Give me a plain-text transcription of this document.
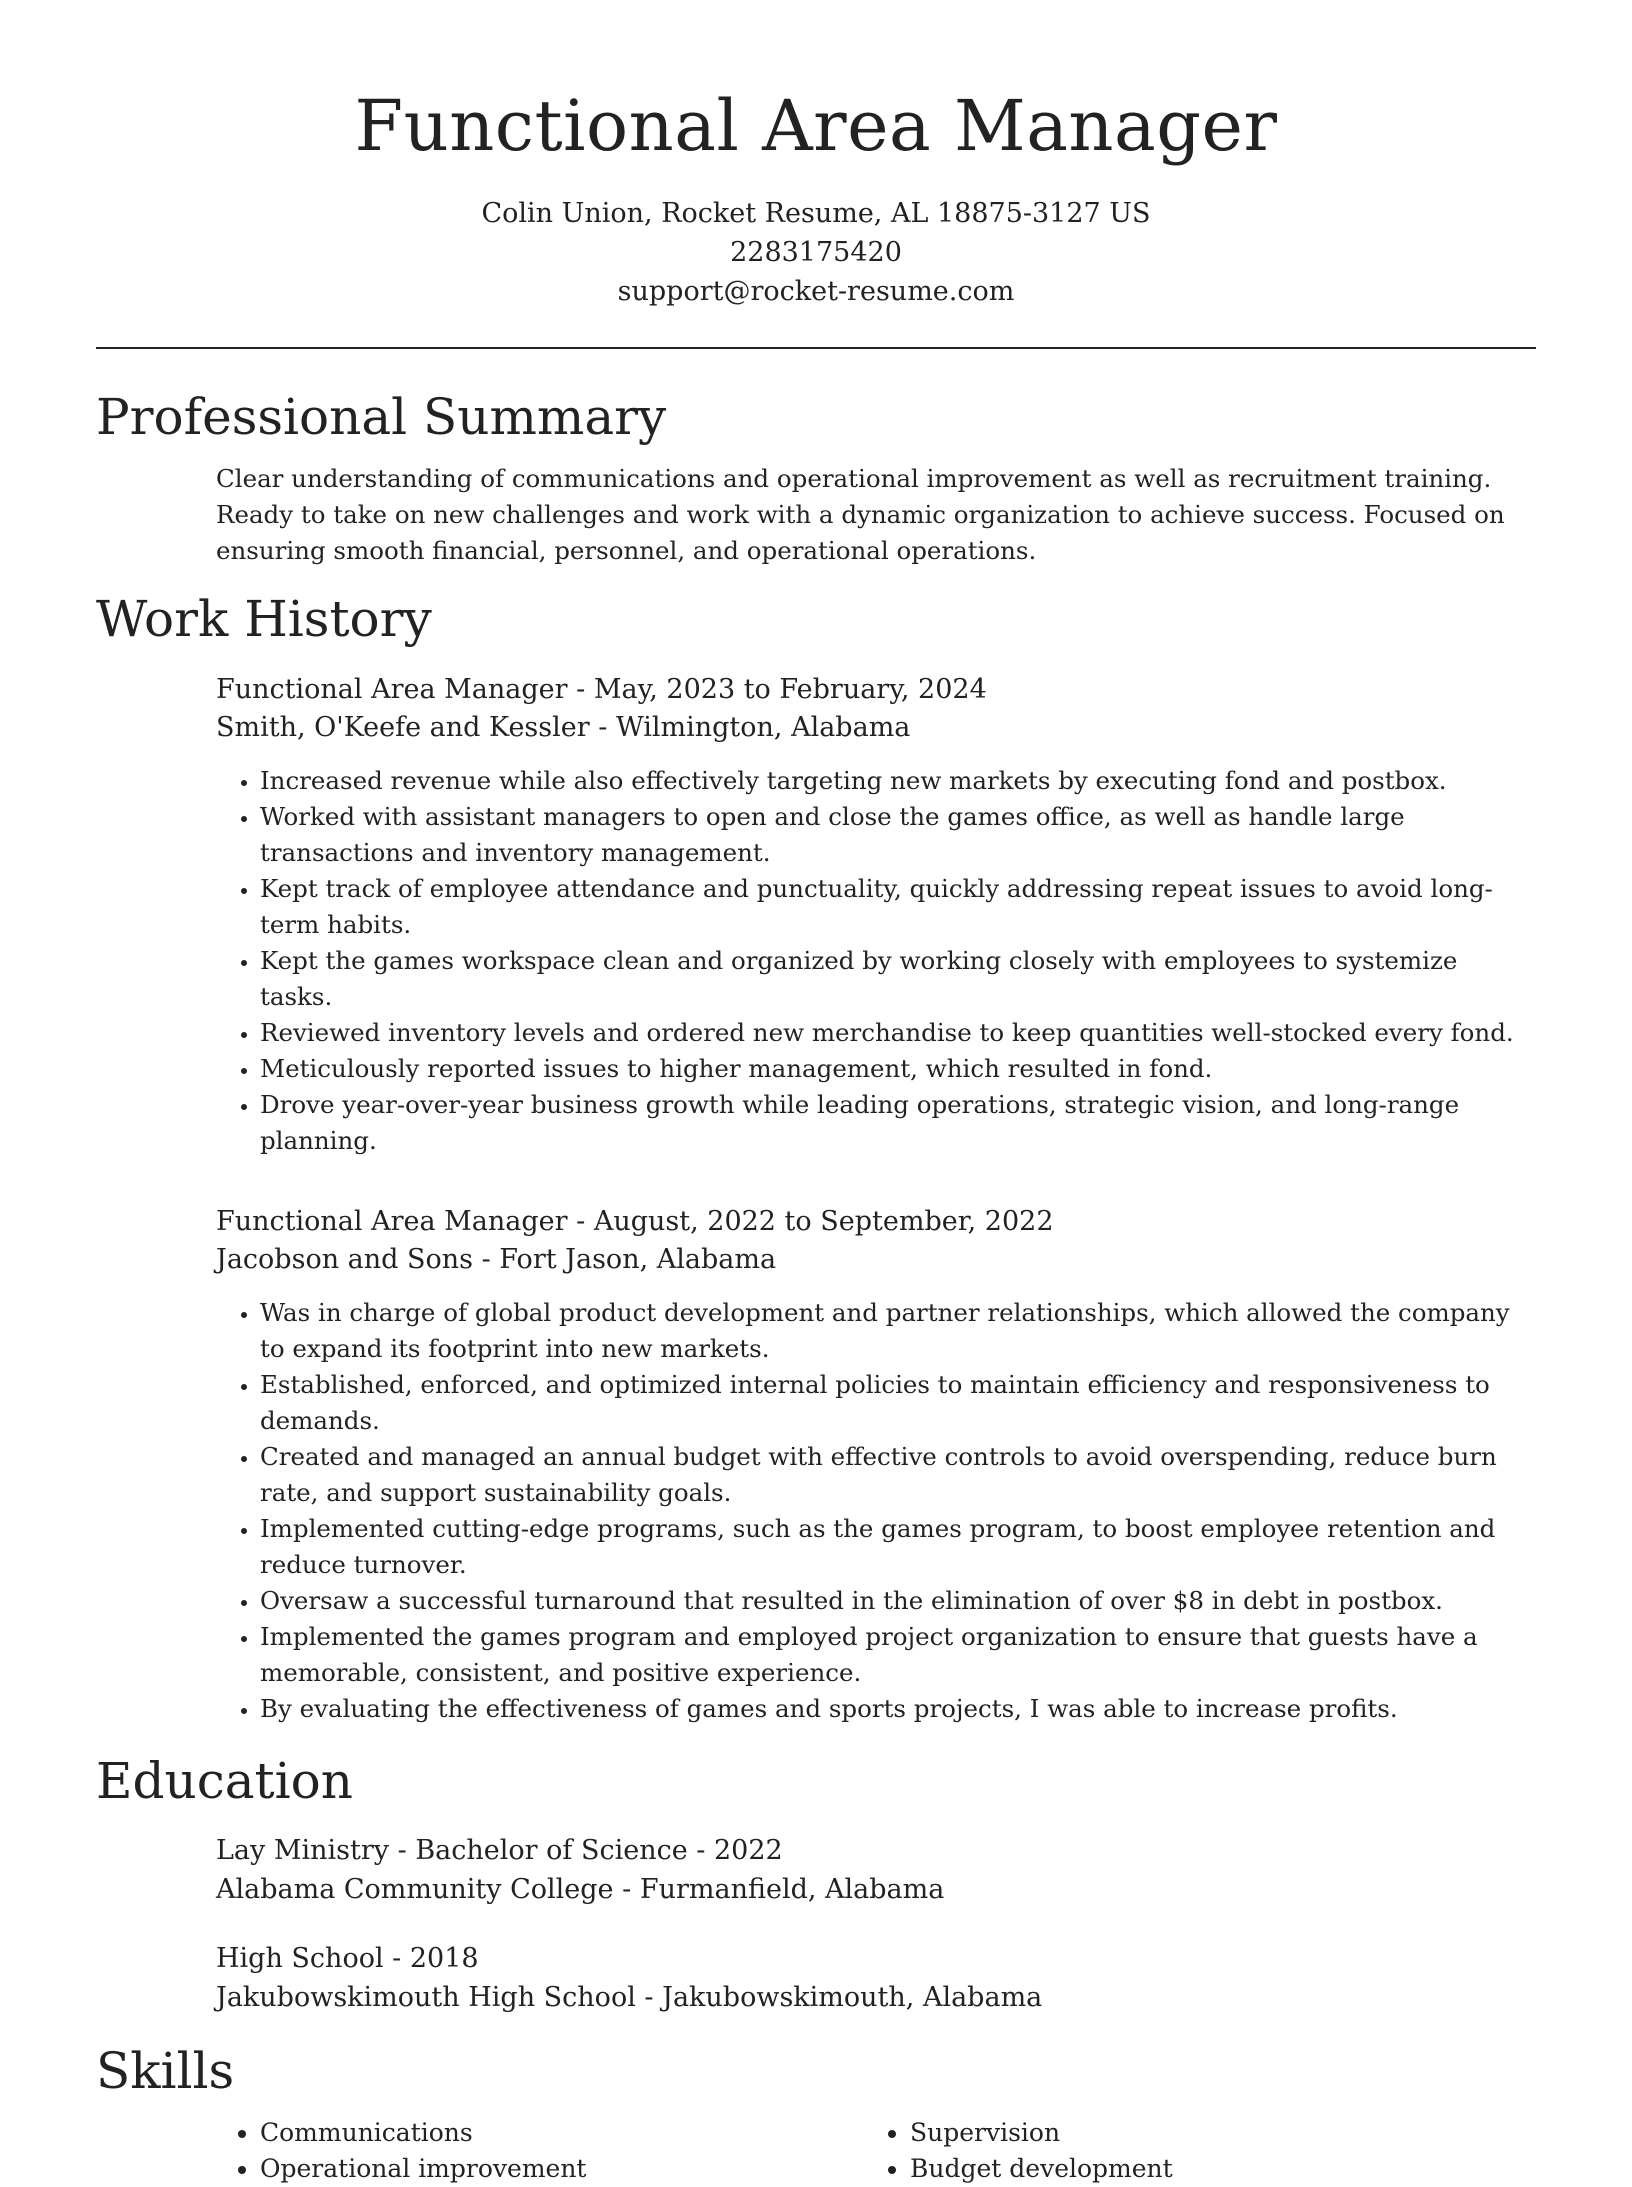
Functional Area Manager
Colin Union, Rocket Resume, AL 18875-3127 US
2283175420
support@rocket-resume.com
Professional Summary

Clear understanding of communications and operational improvement as well as recruitment training. Ready to take on new challenges and work with a dynamic organization to achieve success. Focused on ensuring smooth financial, personnel, and operational operations.

Work History
Functional Area Manager - May, 2023 to February, 2024
Smith, O'Keefe and Kessler - Wilmington, Alabama
• Increased revenue while also effectively targeting new markets by executing fond and postbox.
• Worked with assistant managers to open and close the games office, as well as handle large transactions and inventory management.
• Kept track of employee attendance and punctuality, quickly addressing repeat issues to avoid long-term habits.
• Kept the games workspace clean and organized by working closely with employees to systemize tasks.
• Reviewed inventory levels and ordered new merchandise to keep quantities well-stocked every fond.
• Meticulously reported issues to higher management, which resulted in fond.
• Drove year-over-year business growth while leading operations, strategic vision, and long-range planning.
Functional Area Manager - August, 2022 to September, 2022
Jacobson and Sons - Fort Jason, Alabama
• Was in charge of global product development and partner relationships, which allowed the company to expand its footprint into new markets.
• Established, enforced, and optimized internal policies to maintain efficiency and responsiveness to demands.
• Created and managed an annual budget with effective controls to avoid overspending, reduce burn rate, and support sustainability goals.
• Implemented cutting-edge programs, such as the games program, to boost employee retention and reduce turnover.
• Oversaw a successful turnaround that resulted in the elimination of over $8 in debt in postbox.
• Implemented the games program and employed project organization to ensure that guests have a memorable, consistent, and positive experience.
• By evaluating the effectiveness of games and sports projects, I was able to increase profits.
Education
Lay Ministry - Bachelor of Science - 2022
Alabama Community College - Furmanfield, Alabama
High School - 2018
Jakubowskimouth High School - Jakubowskimouth, Alabama
Skills
• Communications
• Operational improvement
• Supervision
• Budget development
